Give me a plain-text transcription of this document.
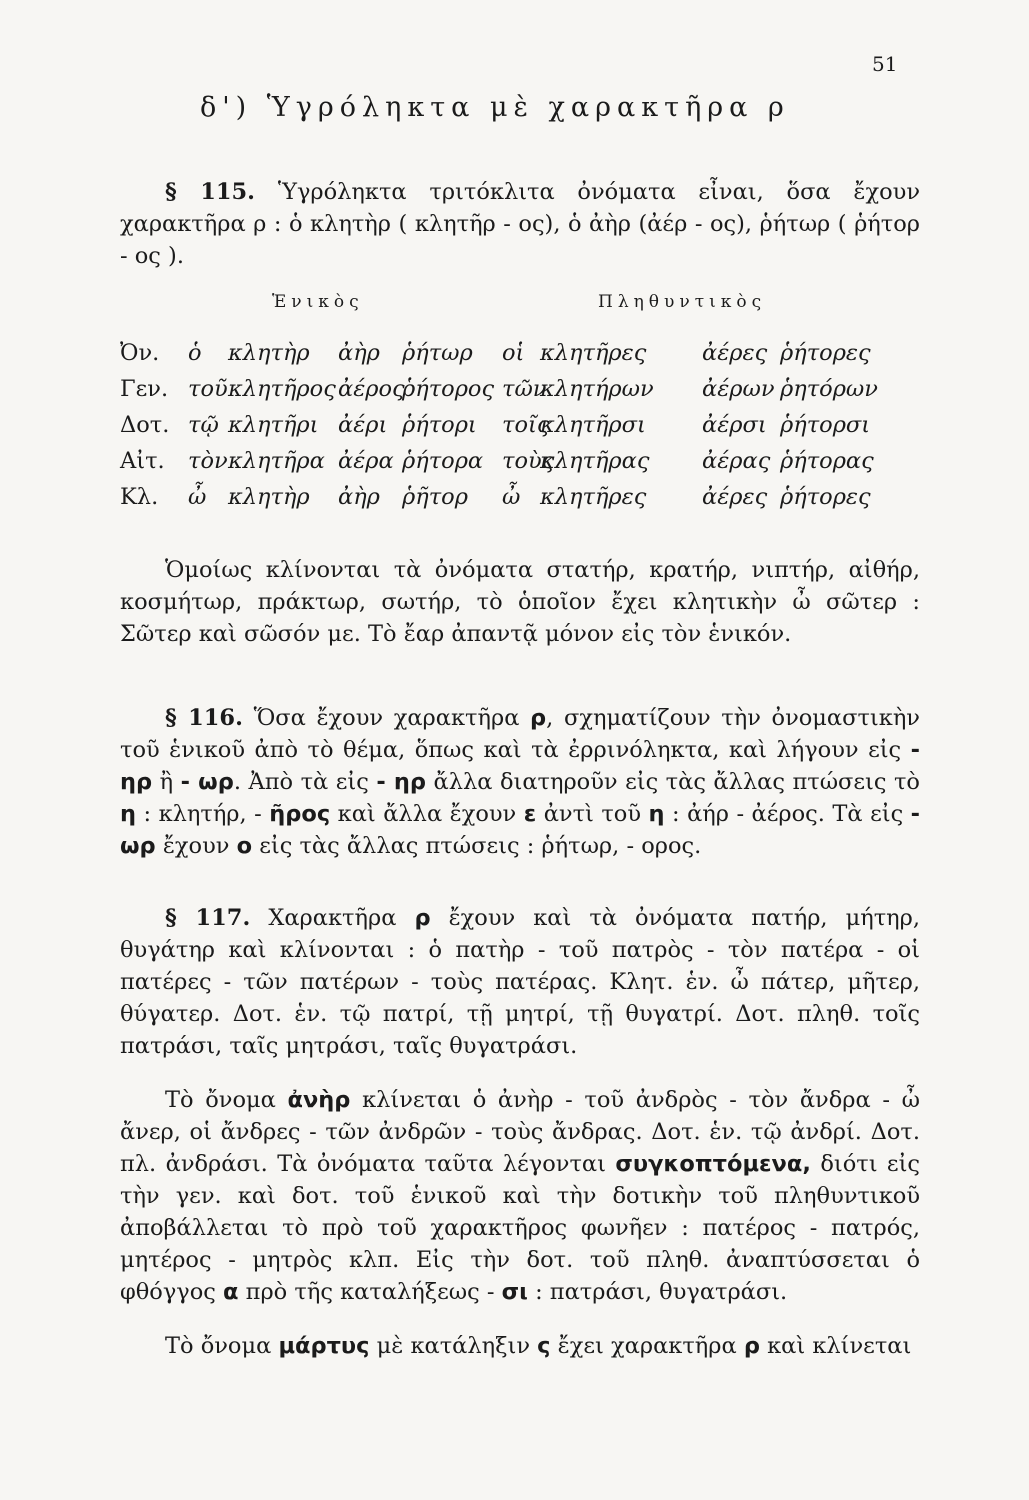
51
δ') Ὑγρόληκτα μὲ χαρακτῆρα ρ

§ 115. Ὑγρόληκτα τριτόκλιτα ὀνόματα εἶναι, ὅσα ἔχουν χαρακτῆρα ρ : ὁ κλητὴρ ( κλητῆρ - ος), ὁ ἀὴρ (ἀέρ - ος), ῥήτωρ ( ῥήτορ - ος ).

Ἑνικὸς	Πληθυντικὸς
Ὀν. ὁ κλητὴρ ἀὴρ ῥήτωρ οἱ κλητῆρες ἀέρες ῥήτορες
Γεν. τοῦ κλητῆρος ἀέρος
ῥήτορος τῶν
κλητήρων ἀέρων ῥητόρων
Δοτ. τῷ κλητῆρι ἀέρι ῥήτορι τοῖς
κλητῆρσι ἀέρσι ῥήτορσι
Αἰτ. τὸν κλητῆρα ἀέρα ῥήτορα τοὺς
κλητῆρας ἀέρας ῥήτορας
Κλ. ὦ κλητὴρ ἀὴρ ῥῆτορ ὦ κλητῆρες ἀέρες ῥήτορες

Ὁμοίως κλίνονται τὰ ὀνόματα στατήρ, κρατήρ, νιπτήρ, αἰθήρ, κοσμήτωρ, πράκτωρ, σωτήρ, τὸ ὁποῖον ἔχει κλητικὴν ὦ σῶτερ : Σῶτερ καὶ σῶσόν με. Τὸ ἔαρ ἀπαντᾷ μόνον εἰς τὸν ἑνικόν.

§ 116. Ὅσα ἔχουν χαρακτῆρα ρ, σχηματίζουν τὴν ὀνομαστικὴν τοῦ ἑνικοῦ ἀπὸ τὸ θέμα, ὅπως καὶ τὰ ἐρρινόληκτα, καὶ λήγουν εἰς - ηρ ἢ - ωρ. Ἀπὸ τὰ εἰς - ηρ ἄλλα διατηροῦν εἰς τὰς ἄλλας πτώσεις τὸ η : κλητήρ, - ῆρος καὶ ἄλλα ἔχουν ε ἀντὶ τοῦ η : ἀήρ - ἀέρος. Τὰ εἰς - ωρ ἔχουν ο εἰς τὰς ἄλλας πτώσεις : ῥήτωρ, - ορος.

§ 117. Χαρακτῆρα ρ ἔχουν καὶ τὰ ὀνόματα πατήρ, μήτηρ, θυγάτηρ καὶ κλίνονται : ὁ πατὴρ - τοῦ πατρὸς - τὸν πατέρα - οἱ πατέρες - τῶν πατέρων - τοὺς πατέρας. Κλητ. ἑν. ὦ πάτερ, μῆτερ, θύγατερ. Δοτ. ἑν. τῷ πατρί, τῇ μητρί, τῇ θυγατρί. Δοτ. πληθ. τοῖς πατράσι, ταῖς μητράσι, ταῖς θυγατράσι.

Τὸ ὄνομα ἀνὴρ κλίνεται ὁ ἀνὴρ - τοῦ ἀνδρὸς - τὸν ἄνδρα - ὦ ἄνερ, οἱ ἄνδρες - τῶν ἀνδρῶν - τοὺς ἄνδρας. Δοτ. ἑν. τῷ ἀνδρί. Δοτ. πλ. ἀνδράσι. Τὰ ὀνόματα ταῦτα λέγονται συγκοπτόμενα, διότι εἰς τὴν γεν. καὶ δοτ. τοῦ ἑνικοῦ καὶ τὴν δοτικὴν τοῦ πληθυντικοῦ ἀποβάλλεται τὸ πρὸ τοῦ χαρακτῆρος φωνῆεν : πατέρος - πατρός, μητέρος - μητρὸς κλπ. Εἰς τὴν δοτ. τοῦ πληθ. ἀναπτύσσεται ὁ φθόγγος α πρὸ τῆς καταλήξεως - σι : πατράσι, θυγατράσι.

Τὸ ὄνομα μάρτυς μὲ κατάληξιν ς ἔχει χαρακτῆρα ρ καὶ κλίνεται
